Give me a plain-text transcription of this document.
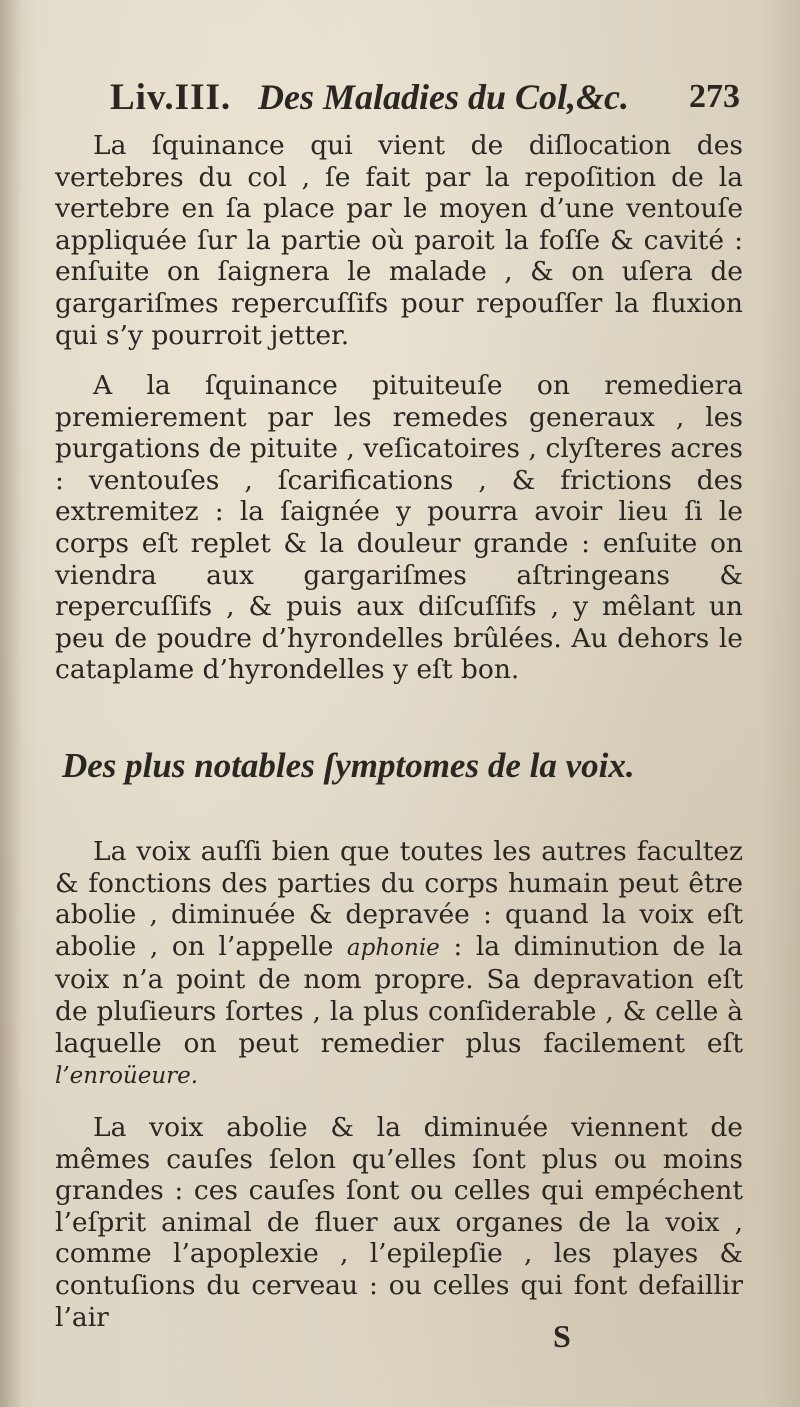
Liv.III. Des Maladies du Col,&c. 273

La ſquinance qui vient de diſlocation des vertebres du col , ſe fait par la repoſition de la vertebre en ſa place par le moyen d’une ventouſe appliquée ſur la partie où paroit la foſſe & cavité : enſuite on ſaignera le malade , & on uſera de gargariſmes repercuſſifs pour repouſſer la fluxion qui s’y pourroit jetter.

A la ſquinance pituiteuſe on remediera premierement par les remedes generaux , les purgations de pituite , veſicatoires , clyſteres acres : ventouſes , ſcarifications , & frictions des extremitez : la ſaignée y pourra avoir lieu ſi le corps eſt replet & la douleur grande : enſuite on viendra aux gargariſmes aſtringeans & repercuſſifs , & puis aux diſcuſſifs , y mêlant un peu de poudre d’hyrondelles brûlées. Au dehors le cataplame d’hyrondelles y eſt bon.

Des plus notables ſymptomes de la voix.

La voix auſſi bien que toutes les autres facultez & fonctions des parties du corps humain peut être abolie , diminuée & depravée : quand la voix eſt abolie , on l’appelle aphonie : la diminution de la voix n’a point de nom propre. Sa depravation eſt de pluſieurs ſortes , la plus conſiderable , & celle à laquelle on peut remedier plus facilement eſt l’enroüeure.

La voix abolie & la diminuée viennent de mêmes cauſes ſelon qu’elles ſont plus ou moins grandes : ces cauſes ſont ou celles qui empéchent l’eſprit animal de fluer aux organes de la voix , comme l’apoplexie , l’epilepſie , les playes & contuſions du cerveau : ou celles qui font defaillir l’air

S
